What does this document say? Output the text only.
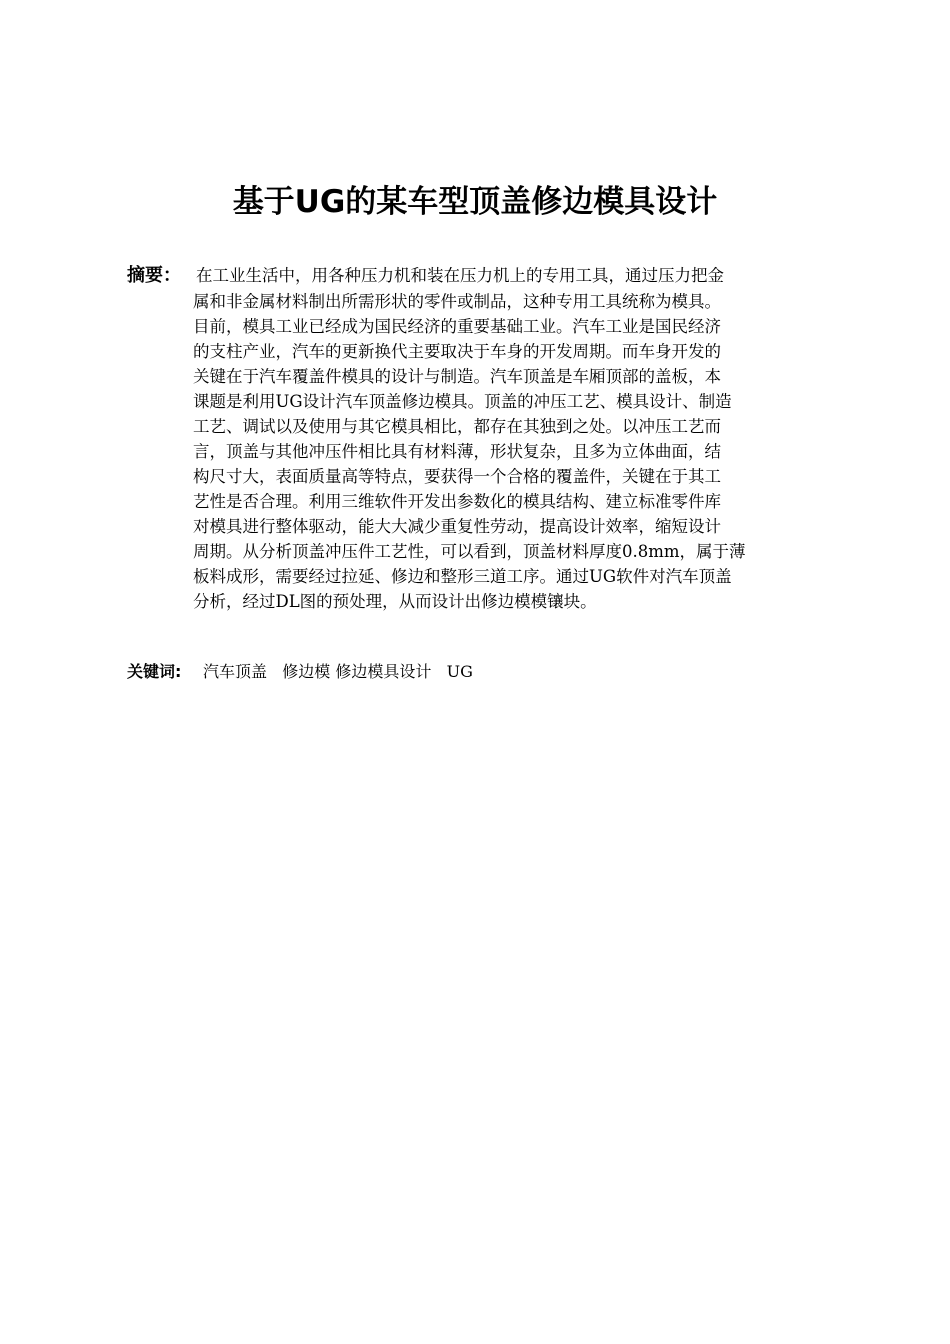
基于UG的某车型顶盖修边模具设计
摘要： 在工业生活中，用各种压力机和装在压力机上的专用工具，通过压力把金
属和非金属材料制出所需形状的零件或制品，这种专用工具统称为模具。
目前，模具工业已经成为国民经济的重要基础工业。汽车工业是国民经济
的支柱产业，汽车的更新换代主要取决于车身的开发周期。而车身开发的
关键在于汽车覆盖件模具的设计与制造。汽车顶盖是车厢顶部的盖板，本
课题是利用UG设计汽车顶盖修边模具。顶盖的冲压工艺、模具设计、制造
工艺、调试以及使用与其它模具相比，都存在其独到之处。以冲压工艺而
言，顶盖与其他冲压件相比具有材料薄，形状复杂，且多为立体曲面，结
构尺寸大，表面质量高等特点，要获得一个合格的覆盖件，关键在于其工
艺性是否合理。利用三维软件开发出参数化的模具结构、建立标准零件库
对模具进行整体驱动，能大大减少重复性劳动，提高设计效率，缩短设计
周期。从分析顶盖冲压件工艺性，可以看到，顶盖材料厚度0.8mm，属于薄
板料成形，需要经过拉延、修边和整形三道工序。通过UG软件对汽车顶盖
分析，经过DL图的预处理，从而设计出修边模模镶块。
关键词: 汽车顶盖   修边模 修边模具设计   UG
